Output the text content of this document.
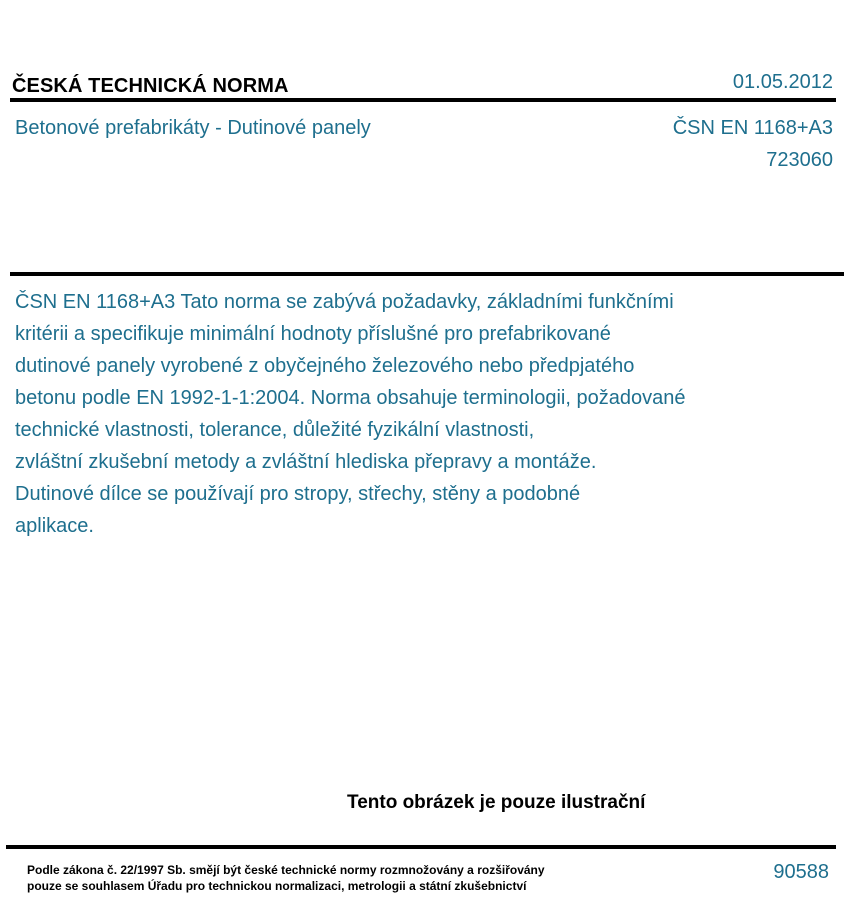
ČESKÁ TECHNICKÁ NORMA	01.05.2012
Betonové prefabrikáty - Dutinové panely	ČSN EN 1168+A3
723060
ČSN EN 1168+A3 Tato norma se zabývá požadavky, základními funkčními
kritérii a specifikuje minimální hodnoty příslušné pro prefabrikované
dutinové panely vyrobené z obyčejného železového nebo předpjatého
betonu podle EN 1992-1-1:2004. Norma obsahuje terminologii, požadované
technické vlastnosti, tolerance, důležité fyzikální vlastnosti,
zvláštní zkušební metody a zvláštní hlediska přepravy a montáže.
Dutinové dílce se používají pro stropy, střechy, stěny a podobné
aplikace.
Tento obrázek je pouze ilustrační
Podle zákona č. 22/1997 Sb. smějí být české technické normy rozmnožovány a rozšiřovány
pouze se souhlasem Úřadu pro technickou normalizaci, metrologii a státní zkušebnictví
90588
